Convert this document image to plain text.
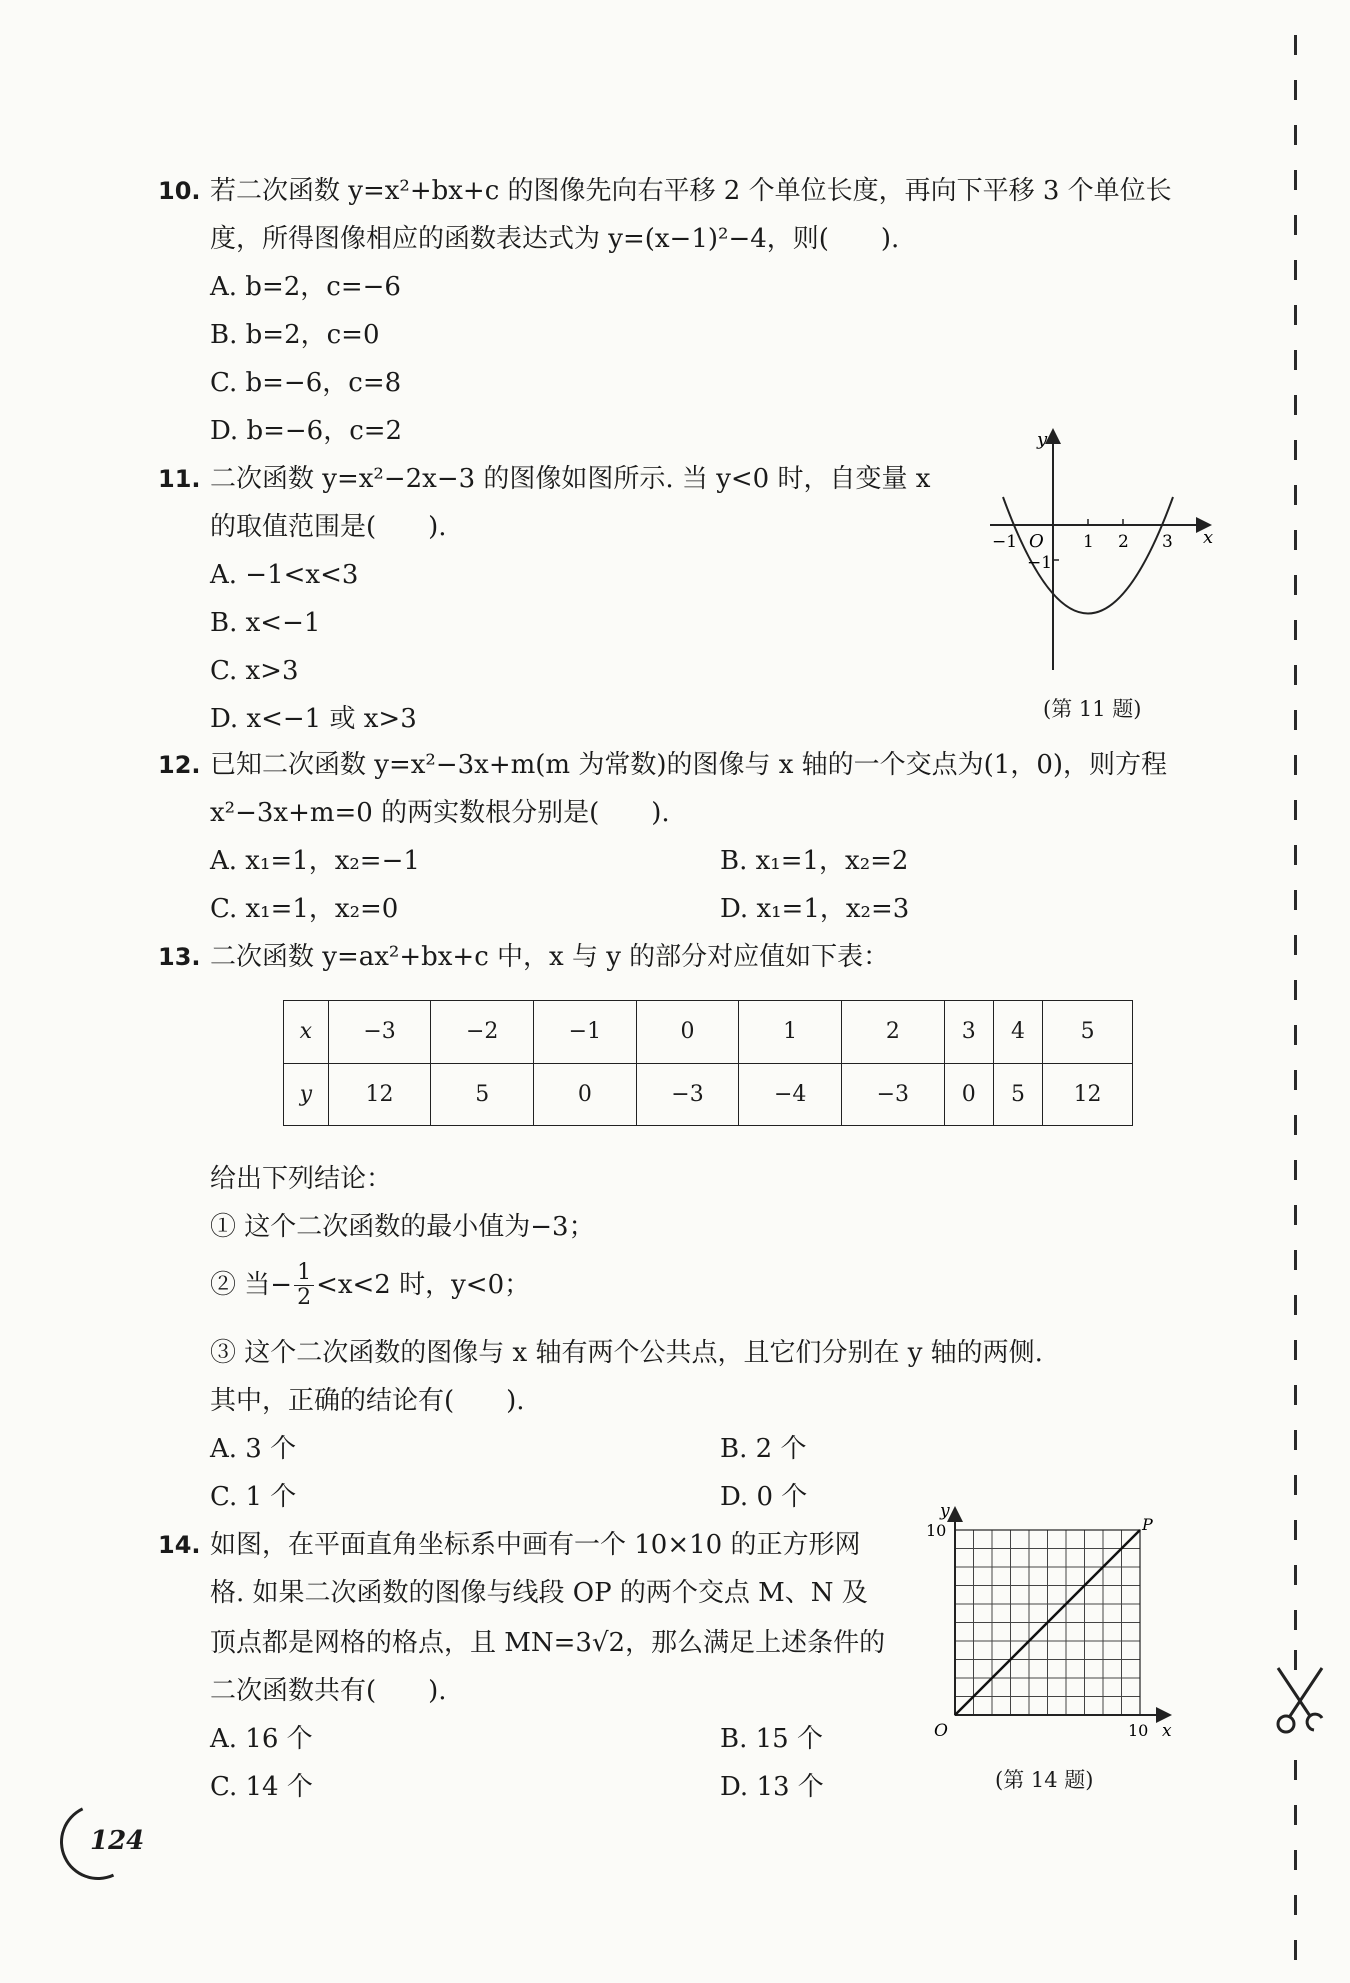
10. 若二次函数 y=x²+bx+c 的图像先向右平移 2 个单位长度，再向下平移 3 个单位长
度，所得图像相应的函数表达式为 y=(x−1)²−4，则(　　).
A. b=2，c=−6
B. b=2，c=0
C. b=−6，c=8
D. b=−6，c=2
11. 二次函数 y=x²−2x−3 的图像如图所示. 当 y<0 时，自变量 x
的取值范围是(　　).
A. −1<x<3
B. x<−1
C. x>3
D. x<−1 或 x>3
y
x
O
−1	1 2 3
−1
(第 11 题)
12. 已知二次函数 y=x²−3x+m(m 为常数)的图像与 x 轴的一个交点为(1，0)，则方程
x²−3x+m=0 的两实数根分别是(　　).
A. x₁=1，x₂=−1	B. x₁=1，x₂=2
C. x₁=1，x₂=0	D. x₁=1，x₂=3
13. 二次函数 y=ax²+bx+c 中，x 与 y 的部分对应值如下表：
x	−3	−2	−1	0	1	2	3	4	5
y	12	5	0	−3	−4	−3	0	5	12
给出下列结论：
① 这个二次函数的最小值为−3；
② 当− $\frac{1}{2} <x<2$ 时，y<0；
③ 这个二次函数的图像与 x 轴有两个公共点，且它们分别在 y 轴的两侧.
其中，正确的结论有(　　).
A. 3 个	B. 2 个
C. 1 个	D. 0 个
14. 如图，在平面直角坐标系中画有一个 10×10 的正方形网
格. 如果二次函数的图像与线段 OP 的两个交点 M、N 及
顶点都是网格的格点，且 MN=3√2，那么满足上述条件的
二次函数共有(　　).
A. 16 个	B. 15 个
C. 14 个	D. 13 个
y
10	P
O	10 x
(第 14 题)
124
